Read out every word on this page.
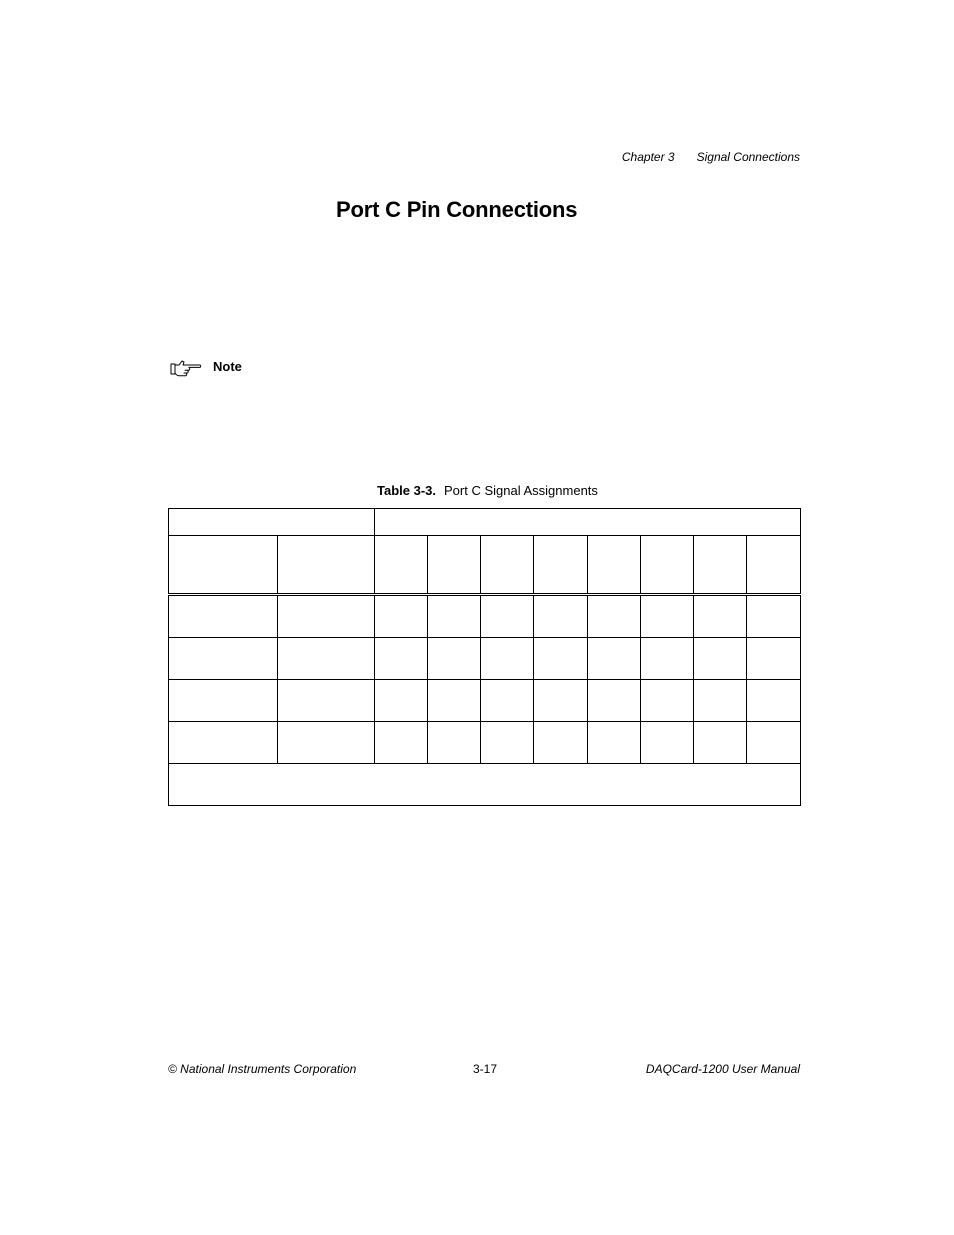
Chapter 3 Signal Connections
Port C Pin Connections
Note
Table 3-3. Port C Signal Assignments

© National Instruments Corporation	3-17	DAQCard-1200 User Manual
